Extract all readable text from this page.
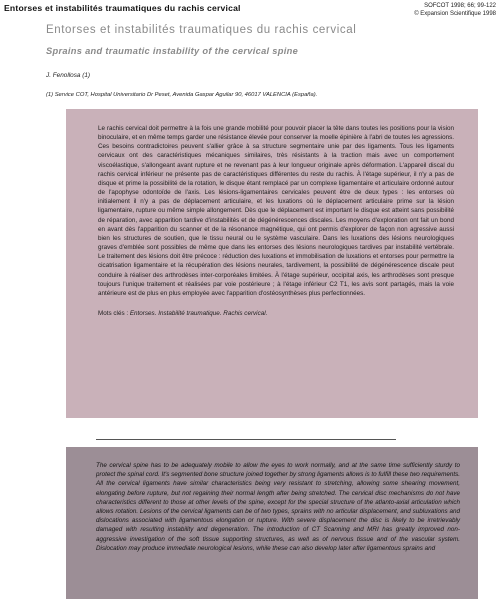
Entorses et instabilités traumatiques du rachis cervical	SOFCOT 1998; 66; 99-122
© Expansion Scientifique 1998
Entorses et instabilités traumatiques du rachis cervical
Sprains and traumatic instability of the cervical spine
J. Fenollosa (1)
(1) Service COT, Hospital Universitario Dr Peset, Avenida Gaspar Aguilar 90, 46017 VALENCIA (España).

Le rachis cervical doit permettre à la fois une grande mobilité pour pouvoir placer la tête dans toutes les positions pour la vision binoculaire, et en même temps garder une résistance élevée pour conserver la moelle épinière à l'abri de toutes les agressions. Ces besoins contradictoires peuvent s'allier grâce à sa structure segmentaire unie par des ligaments. Tous les ligaments cervicaux ont des caractéristiques mécaniques similaires, très résistants à la traction mais avec un comportement viscoélastique, s'allongeant avant rupture et ne revenant pas à leur longueur originale après déformation. L'appareil discal du rachis cervical inférieur ne présente pas de caractéristiques différentes du reste du rachis. À l'étage supérieur, il n'y a pas de disque et prime la possibilité de la rotation, le disque étant remplacé par un complexe ligamentaire et articulaire ordonné autour de l'apophyse odontoïde de l'axis. Les lésions-ligamentaires cervicales peuvent être de deux types : les entorses où initialement il n'y a pas de déplacement articulaire, et les luxations où le déplacement articulaire prime sur la lésion ligamentaire, rupture ou même simple allongement. Dès que le déplacement est important le disque est atteint sans possibilité de réparation, avec apparition tardive d'instabilités et de dégénérescences discales. Les moyens d'exploration ont fait un bond en avant dès l'apparition du scanner et de la résonance magnétique, qui ont permis d'explorer de façon non agressive aussi bien les structures de soutien, que le tissu neural ou le système vasculaire. Dans les luxations des lésions neurologiques graves d'emblée sont possibles de même que dans les entorses des lésions neurologiques tardives par instabilité vertébrale. Le traitement des lésions doit être précoce : réduction des luxations et immobilisation de luxations et entorses pour permettre la cicatrisation ligamentaire et la récupération des lésions neurales, tardivement, la possibilité de dégénérescence discale peut conduire à réaliser des arthrodèses inter-corporéales limitées. À l'étage supérieur, occipital axis, les arthrodèses sont presque toujours l'unique traitement et réalisées par voie postérieure ; à l'étage inférieur C2 T1, les avis sont partagés, mais la voie antérieure est de plus en plus employée avec l'apparition d'ostéosynthèses plus perfectionnées.

Mots clés : Entorses. Instabilité traumatique. Rachis cervical.

The cervical spine has to be adequately mobile to allow the eyes to work normally, and at the same time sufficiently sturdy to protect the spinal cord. It's segmented bone structure joined together by strong ligaments allows is to fulfill these two requirements. All the cervical ligaments have similar characteristics being very resistant to stretching, allowing some shearing movement, elongating before rupture, but not regaining their normal length after being stretched. The cervical disc mechanisms do not have characteristics different to those at other levels of the spine, except for the special structure of the atlanto-axial articulation which allows rotation. Lesions of the cervical ligaments can be of two types, sprains with no articular displacement, and subluxations and dislocations associated with ligamentous elongation or rupture. With severe displacement the disc is likely to be irretrievably damaged with resulting instability and degeneration. The introduction of CT Scanning and MRI has greatly improved non-aggressive investigation of the soft tissue supporting structures, as well as of nervous tissue and of the vascular system. Dislocation may produce immediate neurological lesions, while these can also develop later after ligamentous sprains and
